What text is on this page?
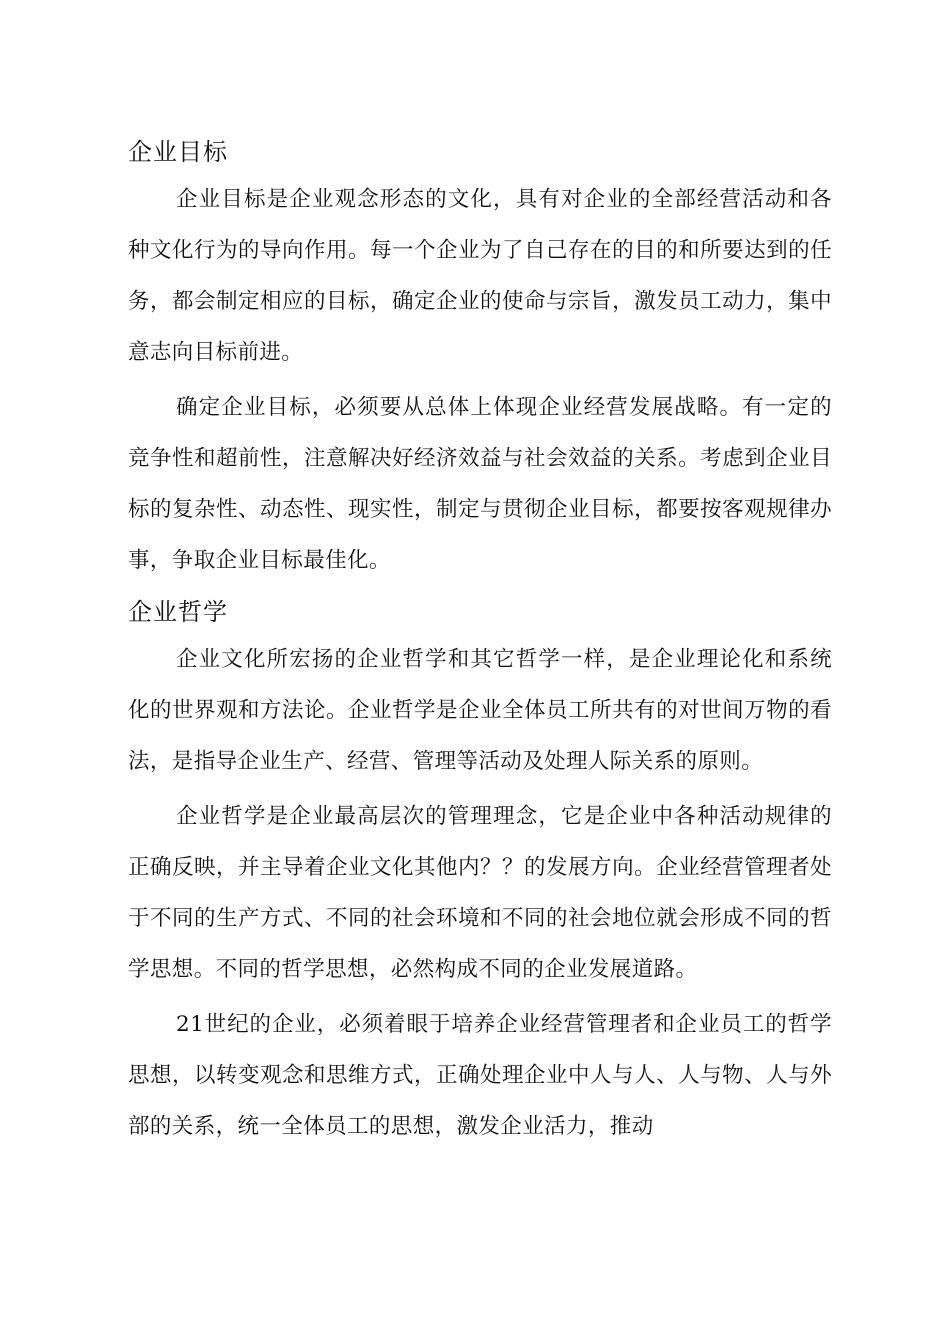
企业目标

企业目标是企业观念形态的文化，具有对企业的全部经营活动和各种文化行为的导向作用。每一个企业为了自己存在的目的和所要达到的任务，都会制定相应的目标，确定企业的使命与宗旨，激发员工动力，集中意志向目标前进。

确定企业目标，必须要从总体上体现企业经营发展战略。有一定的竞争性和超前性，注意解决好经济效益与社会效益的关系。考虑到企业目标的复杂性、动态性、现实性，制定与贯彻企业目标，都要按客观规律办事，争取企业目标最佳化。

企业哲学

企业文化所宏扬的企业哲学和其它哲学一样，是企业理论化和系统化的世界观和方法论。企业哲学是企业全体员工所共有的对世间万物的看法，是指导企业生产、经营、管理等活动及处理人际关系的原则。

企业哲学是企业最高层次的管理理念，它是企业中各种活动规律的正确反映，并主导着企业文化其他内？？的发展方向。企业经营管理者处于不同的生产方式、不同的社会环境和不同的社会地位就会形成不同的哲学思想。不同的哲学思想，必然构成不同的企业发展道路。

21世纪的企业，必须着眼于培养企业经营管理者和企业员工的哲学思想，以转变观念和思维方式，正确处理企业中人与人、人与物、人与外部的关系，统一全体员工的思想，激发企业活力，推动
